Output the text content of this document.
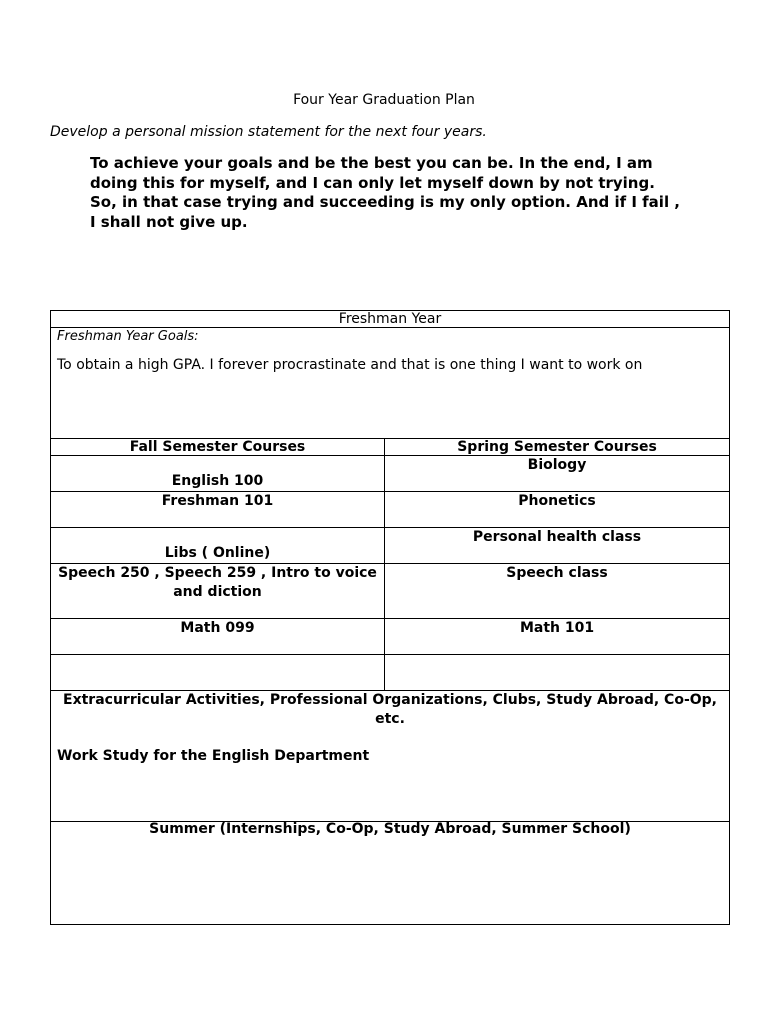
Four Year Graduation Plan
Develop a personal mission statement for the next four years.
To achieve your goals and be the best you can be. In the end, I am doing this for myself, and I can only let myself down by not trying. So, in that case trying and succeeding is my only option. And if I fail , I shall not give up.
Freshman Year	

Freshman Year Goals:
To obtain a high GPA. I forever procrastinate and that is one thing I want to work on	

Fall Semester Courses	Spring Semester Courses
English 100	Biology
Freshman 101	Phonetics
Libs ( Online)	Personal health class
Speech 250 , Speech 259 , Intro to voice and diction	Speech class
Math 099	Math 101

Extracurricular Activities, Professional Organizations, Clubs, Study Abroad, Co-Op, etc.
Work Study for the English Department	

Summer (Internships, Co-Op, Study Abroad, Summer School)	
